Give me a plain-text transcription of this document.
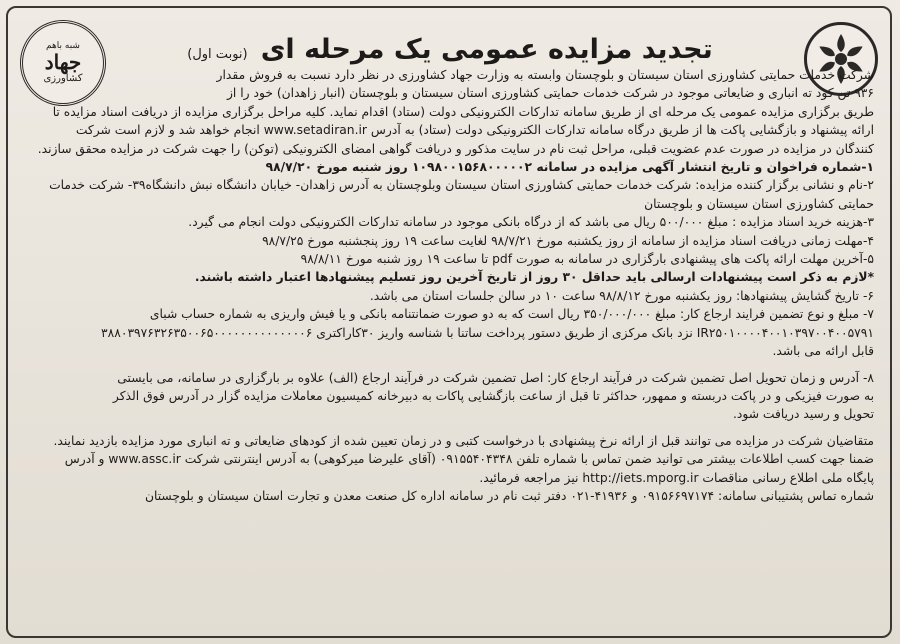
شبه باهم
جهاد
کشاورزی
تجدید مزایده عمومی یک مرحله ای (نوبت اول)

شرکت خدمات حمایتی کشاورزی استان سیستان و بلوچستان وابسته به وزارت جهاد کشاورزی در نظر دارد نسبت به فروش مقدار

۹۳۶ تن کود ته انباری و ضایعاتی موجود در شرکت خدمات حمایتی کشاورزی استان سیستان و بلوچستان (انبار زاهدان) خود را از

طریق برگزاری مزایده عمومی یک مرحله ای از طریق سامانه تدارکات الکترونیکی دولت (ستاد) اقدام نماید. کلیه مراحل برگزاری مزایده از دریافت اسناد مزایده تا

ارائه پیشنهاد و بازگشایی پاکت ها از طریق درگاه سامانه تدارکات الکترونیکی دولت (ستاد) به آدرس www.setadiran.ir انجام خواهد شد و لازم است شرکت

کنندگان در مزایده در صورت عدم عضویت قبلی، مراحل ثبت نام در سایت مذکور و دریافت گواهی امضای الکترونیکی (توکن) را جهت شرکت در مزایده محقق سازند.

۱-شماره فراخوان و تاریخ انتشار آگهی مزایده در سامانه ۱۰۹۸۰۰۱۵۶۸۰۰۰۰۰۲ روز شنبه مورخ ۹۸/۷/۲۰

۲-نام و نشانی برگزار کننده مزایده: شرکت خدمات حمایتی کشاورزی استان سیستان وبلوچستان به آدرس زاهدان- خیابان دانشگاه نبش دانشگاه۳۹- شرکت خدمات

حمایتی کشاورزی استان سیستان و بلوچستان

۳-هزینه خرید اسناد مزایده : مبلغ ۵۰۰/۰۰۰ ریال می باشد که از درگاه بانکی موجود در سامانه تدارکات الکترونیکی دولت انجام می گیرد.

۴-مهلت زمانی دریافت اسناد مزایده از سامانه از روز یکشنبه مورخ ۹۸/۷/۲۱ لغایت ساعت ۱۹ روز پنجشنبه مورخ ۹۸/۷/۲۵

۵-آخرین مهلت ارائه پاکت های پیشنهادی بارگزاری در سامانه به صورت pdf تا ساعت ۱۹ روز شنبه مورخ ۹۸/۸/۱۱

*لازم به ذکر است پیشنهادات ارسالی باید حداقل ۳۰ روز از تاریخ آخرین روز تسلیم پیشنهادها اعتبار داشته باشند.

۶- تاریخ گشایش پیشنهادها: روز یکشنبه مورخ ۹۸/۸/۱۲ ساعت ۱۰ در سالن جلسات استان می باشد.

۷- مبلغ و نوع تضمین فرایند ارجاع کار: مبلغ ۳۵۰/۰۰۰/۰۰۰ ریال است که به دو صورت ضمانتنامه بانکی و یا فیش واریزی به شماره حساب شبای

IR۲۵۰۱۰۰۰۰۴۰۰۱۰۳۹۷۰۰۴۰۰۵۷۹۱ نزد بانک مرکزی از طریق دستور پرداخت ساتنا با شناسه واریز ۳۰کاراکتری ۳۸۸۰۳۹۷۶۳۲۶۳۵۰۰۶۵۰۰۰۰۰۰۰۰۰۰۰۰۰۰۶

قابل ارائه می باشد.

۸- آدرس و زمان تحویل اصل تضمین شرکت در فرآیند ارجاع کار: اصل تضمین شرکت در فرآیند ارجاع (الف) علاوه بر بارگزاری در سامانه، می بایستی

به صورت فیزیکی و در پاکت دربسته و ممهور، حداکثر تا قبل از ساعت بازگشایی پاکات به دبیرخانه کمیسیون معاملات مزایده گزار در آدرس فوق الذکر

تحویل و رسید دریافت شود.

متقاضیان شرکت در مزایده می توانند قبل از ارائه نرخ پیشنهادی با درخواست کتبی و در زمان تعیین شده از کودهای ضایعاتی و ته انباری مورد مزایده بازدید نمایند.

ضمنا جهت کسب اطلاعات بیشتر می توانید ضمن تماس با شماره تلفن ۰۹۱۵۵۴۰۴۳۴۸ (آقای علیرضا میرکوهی) به آدرس اینترنتی شرکت www.assc.ir و آدرس

پایگاه ملی اطلاع رسانی مناقصات http://iets.mporg.ir نیز مراجعه فرمائید.

شماره تماس پشتیبانی سامانه: ۰۹۱۵۶۶۹۷۱۷۴ و ۴۱۹۳۶-۰۲۱ دفتر ثبت نام در سامانه اداره کل صنعت معدن و تجارت استان سیستان و بلوچستان
